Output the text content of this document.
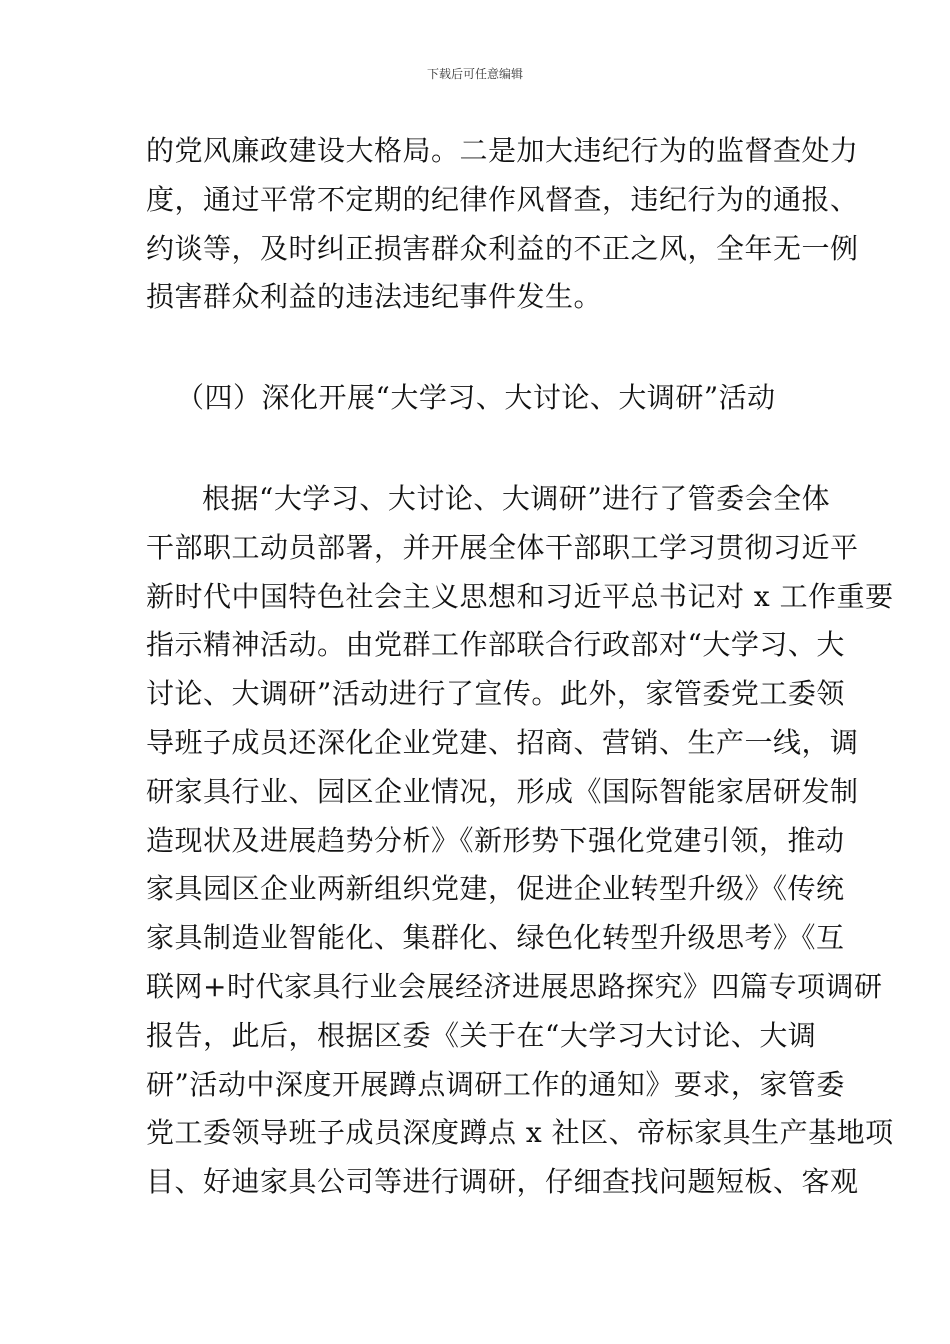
下载后可任意编辑
的党风廉政建设大格局。二是加大违纪行为的监督查处力
度，通过平常不定期的纪律作风督查，违纪行为的通报、
约谈等，及时纠正损害群众利益的不正之风，全年无一例
损害群众利益的违法违纪事件发生。
（四）深化开展“大学习、大讨论、大调研”活动
根据“大学习、大讨论、大调研”进行了管委会全体
干部职工动员部署，并开展全体干部职工学习贯彻习近平
新时代中国特色社会主义思想和习近平总书记对 x 工作重要
指示精神活动。由党群工作部联合行政部对“大学习、大
讨论、大调研”活动进行了宣传。此外，家管委党工委领
导班子成员还深化企业党建、招商、营销、生产一线，调
研家具行业、园区企业情况，形成《国际智能家居研发制
造现状及进展趋势分析》《新形势下强化党建引领，推动
家具园区企业两新组织党建，促进企业转型升级》《传统
家具制造业智能化、集群化、绿色化转型升级思考》《互
联网+时代家具行业会展经济进展思路探究》四篇专项调研
报告，此后，根据区委《关于在“大学习大讨论、大调
研”活动中深度开展蹲点调研工作的通知》要求，家管委
党工委领导班子成员深度蹲点 x 社区、帝标家具生产基地项
目、好迪家具公司等进行调研，仔细查找问题短板、客观
